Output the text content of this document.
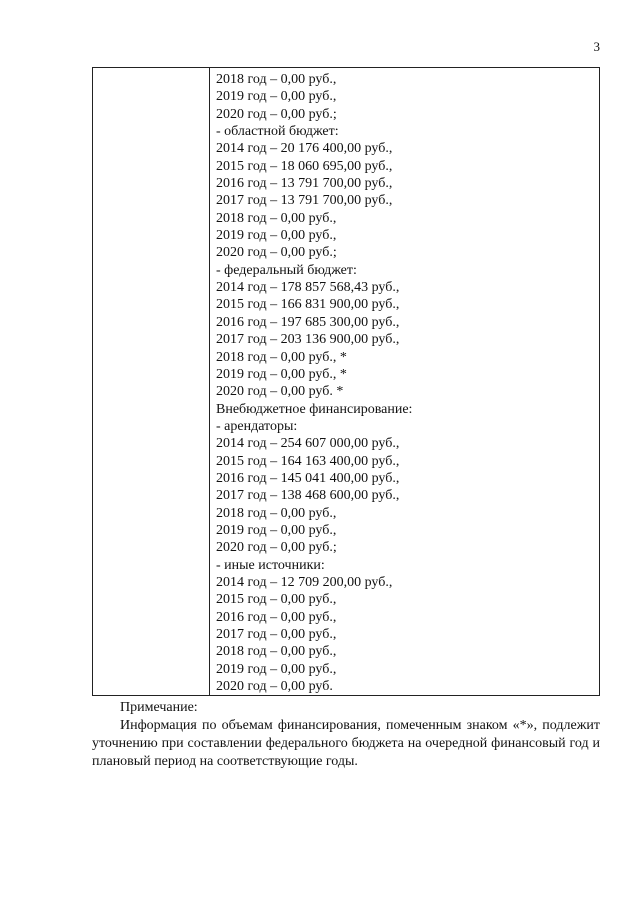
3
2018 год – 0,00 руб.,
2019 год – 0,00 руб.,
2020 год – 0,00 руб.;
- областной бюджет:
2014 год – 20 176 400,00 руб.,
2015 год – 18 060 695,00 руб.,
2016 год – 13 791 700,00 руб.,
2017 год – 13 791 700,00 руб.,
2018 год – 0,00 руб.,
2019 год – 0,00 руб.,
2020 год – 0,00 руб.;
- федеральный бюджет:
2014 год – 178 857 568,43 руб.,
2015 год – 166 831 900,00 руб.,
2016 год – 197 685 300,00 руб.,
2017 год – 203 136 900,00 руб.,
2018 год – 0,00 руб., *
2019 год – 0,00 руб., *
2020 год – 0,00 руб. *
Внебюджетное финансирование:
- арендаторы:
2014 год – 254 607 000,00 руб.,
2015 год – 164 163 400,00 руб.,
2016 год – 145 041 400,00 руб.,
2017 год – 138 468 600,00 руб.,
2018 год – 0,00 руб.,
2019 год – 0,00 руб.,
2020 год – 0,00 руб.;
- иные источники:
2014 год – 12 709 200,00 руб.,
2015 год – 0,00 руб.,
2016 год – 0,00 руб.,
2017 год – 0,00 руб.,
2018 год – 0,00 руб.,
2019 год – 0,00 руб.,
2020 год – 0,00 руб.
Примечание:
Информация по объемам финансирования, помеченным знаком «*», подлежит уточнению при составлении федерального бюджета на очередной финансовый год и плановый период на соответствующие годы.
